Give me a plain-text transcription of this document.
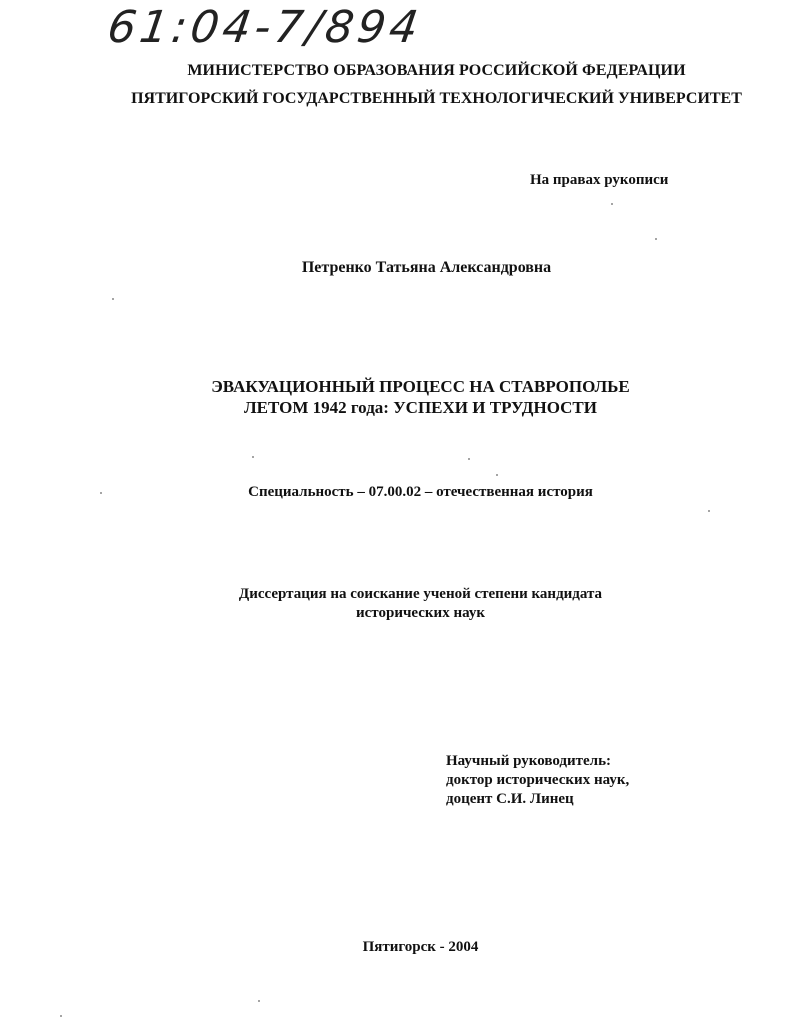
61:04-7/894
МИНИСТЕРСТВО ОБРАЗОВАНИЯ РОССИЙСКОЙ ФЕДЕРАЦИИ
ПЯТИГОРСКИЙ ГОСУДАРСТВЕННЫЙ ТЕХНОЛОГИЧЕСКИЙ УНИВЕРСИТЕТ
На правах рукописи
Петренко Татьяна Александровна
ЭВАКУАЦИОННЫЙ ПРОЦЕСС НА СТАВРОПОЛЬЕ
ЛЕТОМ 1942 года: УСПЕХИ И ТРУДНОСТИ
Специальность – 07.00.02 – отечественная история
Диссертация на соискание ученой степени кандидата
исторических наук
Научный руководитель:
доктор исторических наук,
доцент С.И. Линец
Пятигорск - 2004
